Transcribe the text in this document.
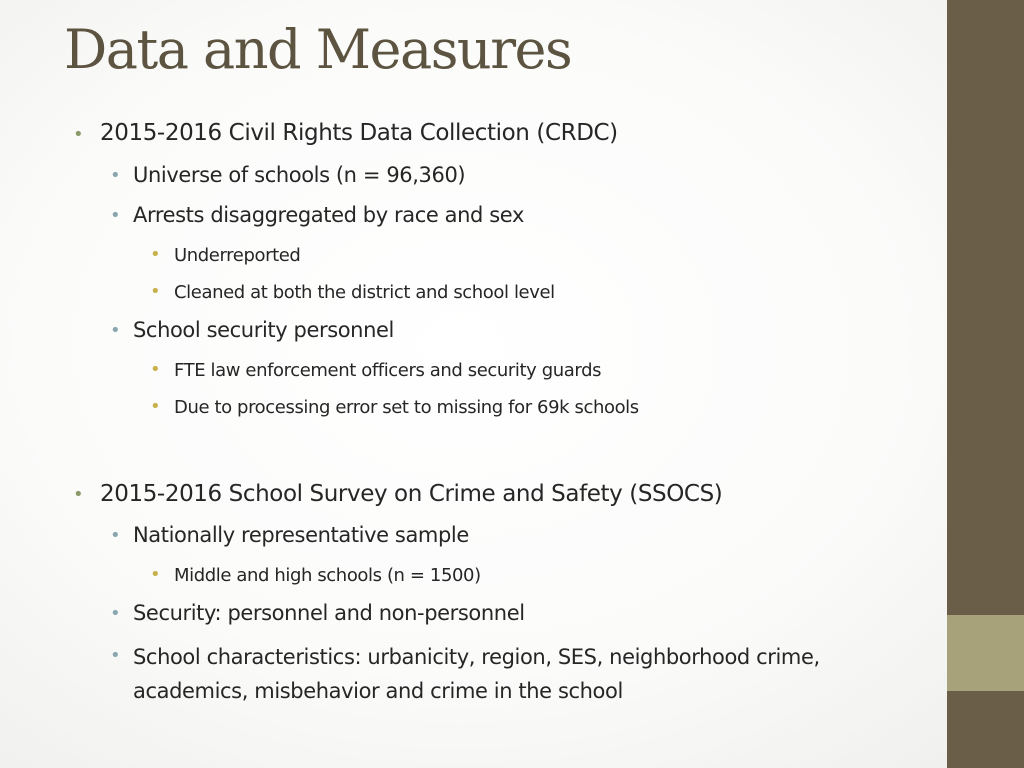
Data and Measures
• 2015-2016 Civil Rights Data Collection (CRDC)
• Universe of schools (n = 96,360)
• Arrests disaggregated by race and sex
• Underreported
• Cleaned at both the district and school level
• School security personnel
• FTE law enforcement officers and security guards
• Due to processing error set to missing for 69k schools
• 2015-2016 School Survey on Crime and Safety (SSOCS)
• Nationally representative sample
• Middle and high schools (n = 1500)
• Security: personnel and non-personnel
• School characteristics: urbanicity, region, SES, neighborhood crime, academics, misbehavior and crime in the school
